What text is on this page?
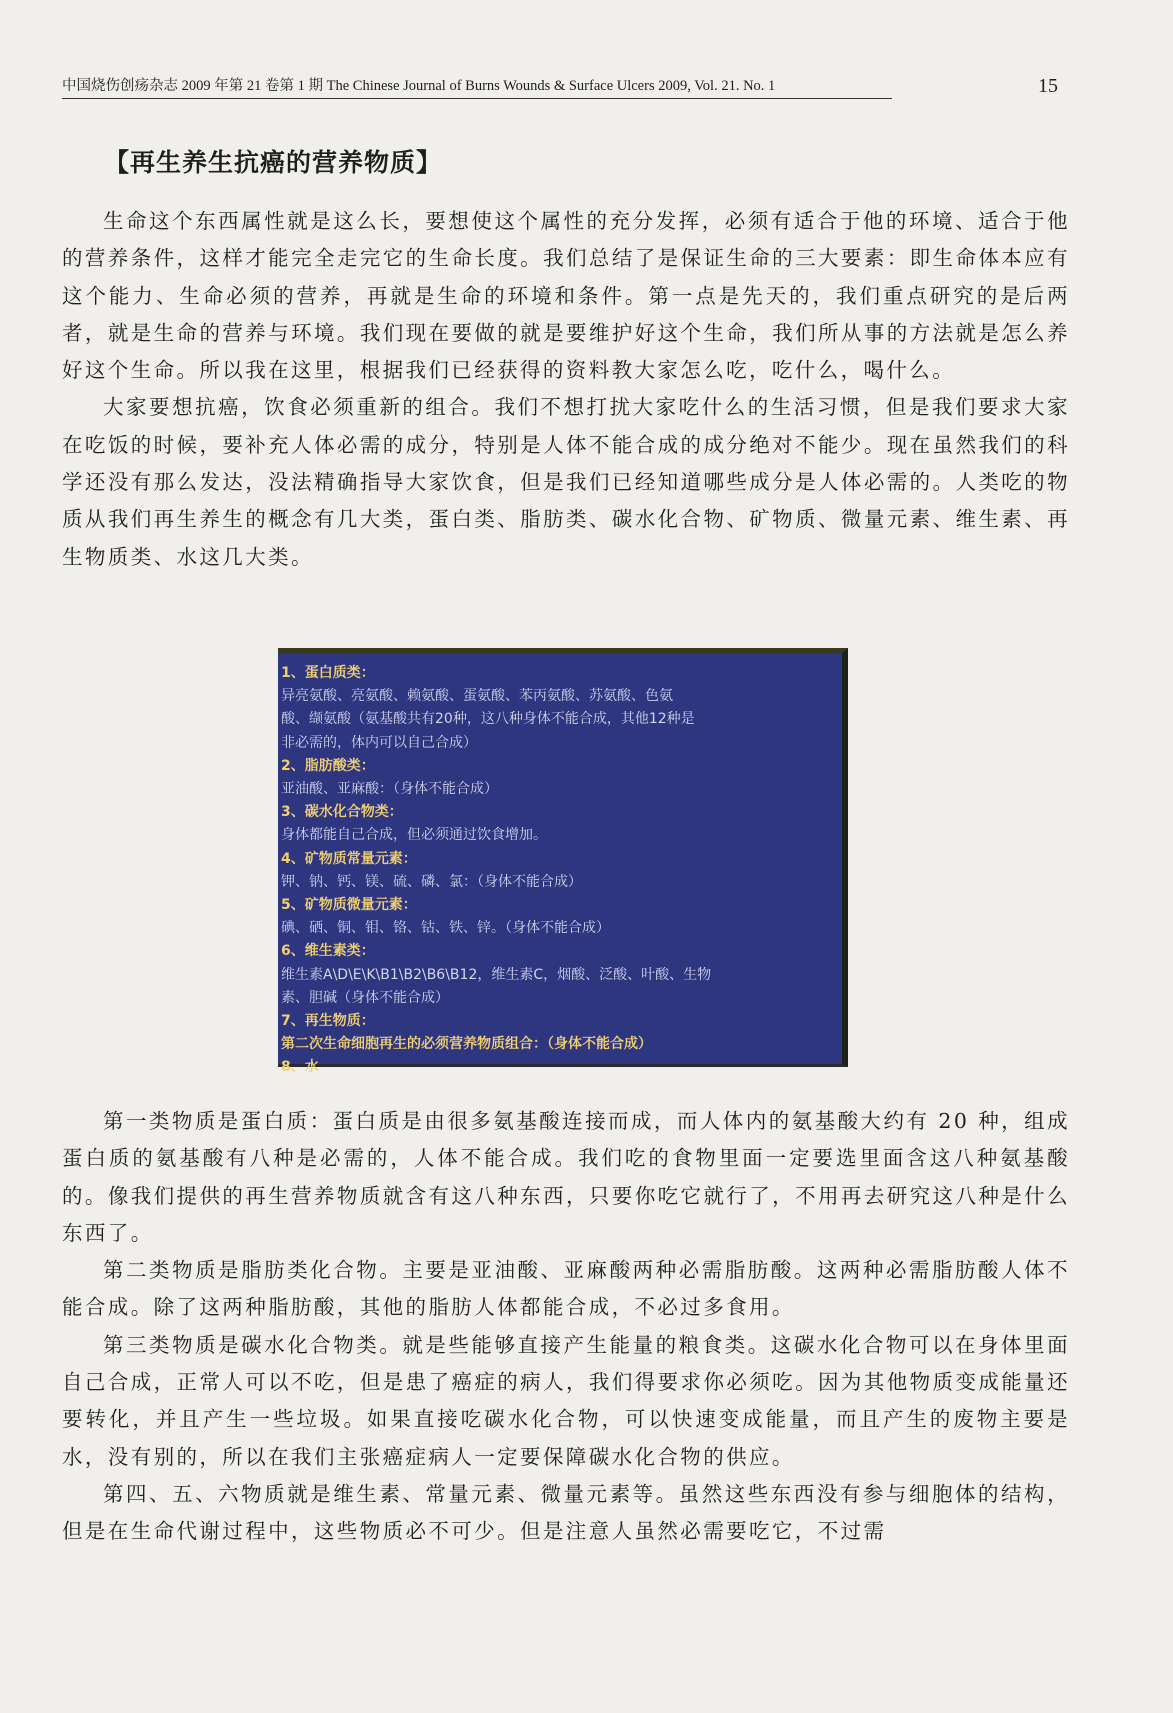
中国烧伤创疡杂志 2009 年第 21 卷第 1 期 The Chinese Journal of Burns Wounds & Surface Ulcers 2009, Vol. 21. No. 1	15
【再生养生抗癌的营养物质】

生命这个东西属性就是这么长，要想使这个属性的充分发挥，必须有适合于他的环境、适合于他的营养条件，这样才能完全走完它的生命长度。我们总结了是保证生命的三大要素：即生命体本应有这个能力、生命必须的营养，再就是生命的环境和条件。第一点是先天的，我们重点研究的是后两者，就是生命的营养与环境。我们现在要做的就是要维护好这个生命，我们所从事的方法就是怎么养好这个生命。所以我在这里，根据我们已经获得的资料教大家怎么吃，吃什么，喝什么。

大家要想抗癌，饮食必须重新的组合。我们不想打扰大家吃什么的生活习惯，但是我们要求大家在吃饭的时候，要补充人体必需的成分，特别是人体不能合成的成分绝对不能少。现在虽然我们的科学还没有那么发达，没法精确指导大家饮食，但是我们已经知道哪些成分是人体必需的。人类吃的物质从我们再生养生的概念有几大类，蛋白类、脂肪类、碳水化合物、矿物质、微量元素、维生素、再生物质类、水这几大类。

1、蛋白质类：
异亮氨酸、亮氨酸、赖氨酸、蛋氨酸、苯丙氨酸、苏氨酸、色氨
酸、缬氨酸（氨基酸共有20种，这八种身体不能合成，其他12种是
非必需的，体内可以自己合成）
2、脂肪酸类：
亚油酸、亚麻酸：（身体不能合成）
3、碳水化合物类：
身体都能自己合成，但必须通过饮食增加。
4、矿物质常量元素：
钾、钠、钙、镁、硫、磷、氯：（身体不能合成）
5、矿物质微量元素：
碘、硒、铜、钼、铬、钴、铁、锌。（身体不能合成）
6、维生素类：
维生素A\D\E\K\B1\B2\B6\B12，维生素C，烟酸、泛酸、叶酸、生物
素、胆碱（身体不能合成）
7、再生物质：
第二次生命细胞再生的必须营养物质组合：（身体不能合成）
8、水

第一类物质是蛋白质：蛋白质是由很多氨基酸连接而成，而人体内的氨基酸大约有 20 种，组成蛋白质的氨基酸有八种是必需的，人体不能合成。我们吃的食物里面一定要选里面含这八种氨基酸的。像我们提供的再生营养物质就含有这八种东西，只要你吃它就行了，不用再去研究这八种是什么东西了。

第二类物质是脂肪类化合物。主要是亚油酸、亚麻酸两种必需脂肪酸。这两种必需脂肪酸人体不能合成。除了这两种脂肪酸，其他的脂肪人体都能合成，不必过多食用。

第三类物质是碳水化合物类。就是些能够直接产生能量的粮食类。这碳水化合物可以在身体里面自己合成，正常人可以不吃，但是患了癌症的病人，我们得要求你必须吃。因为其他物质变成能量还要转化，并且产生一些垃圾。如果直接吃碳水化合物，可以快速变成能量，而且产生的废物主要是水，没有别的，所以在我们主张癌症病人一定要保障碳水化合物的供应。

第四、五、六物质就是维生素、常量元素、微量元素等。虽然这些东西没有参与细胞体的结构，但是在生命代谢过程中，这些物质必不可少。但是注意人虽然必需要吃它，不过需
